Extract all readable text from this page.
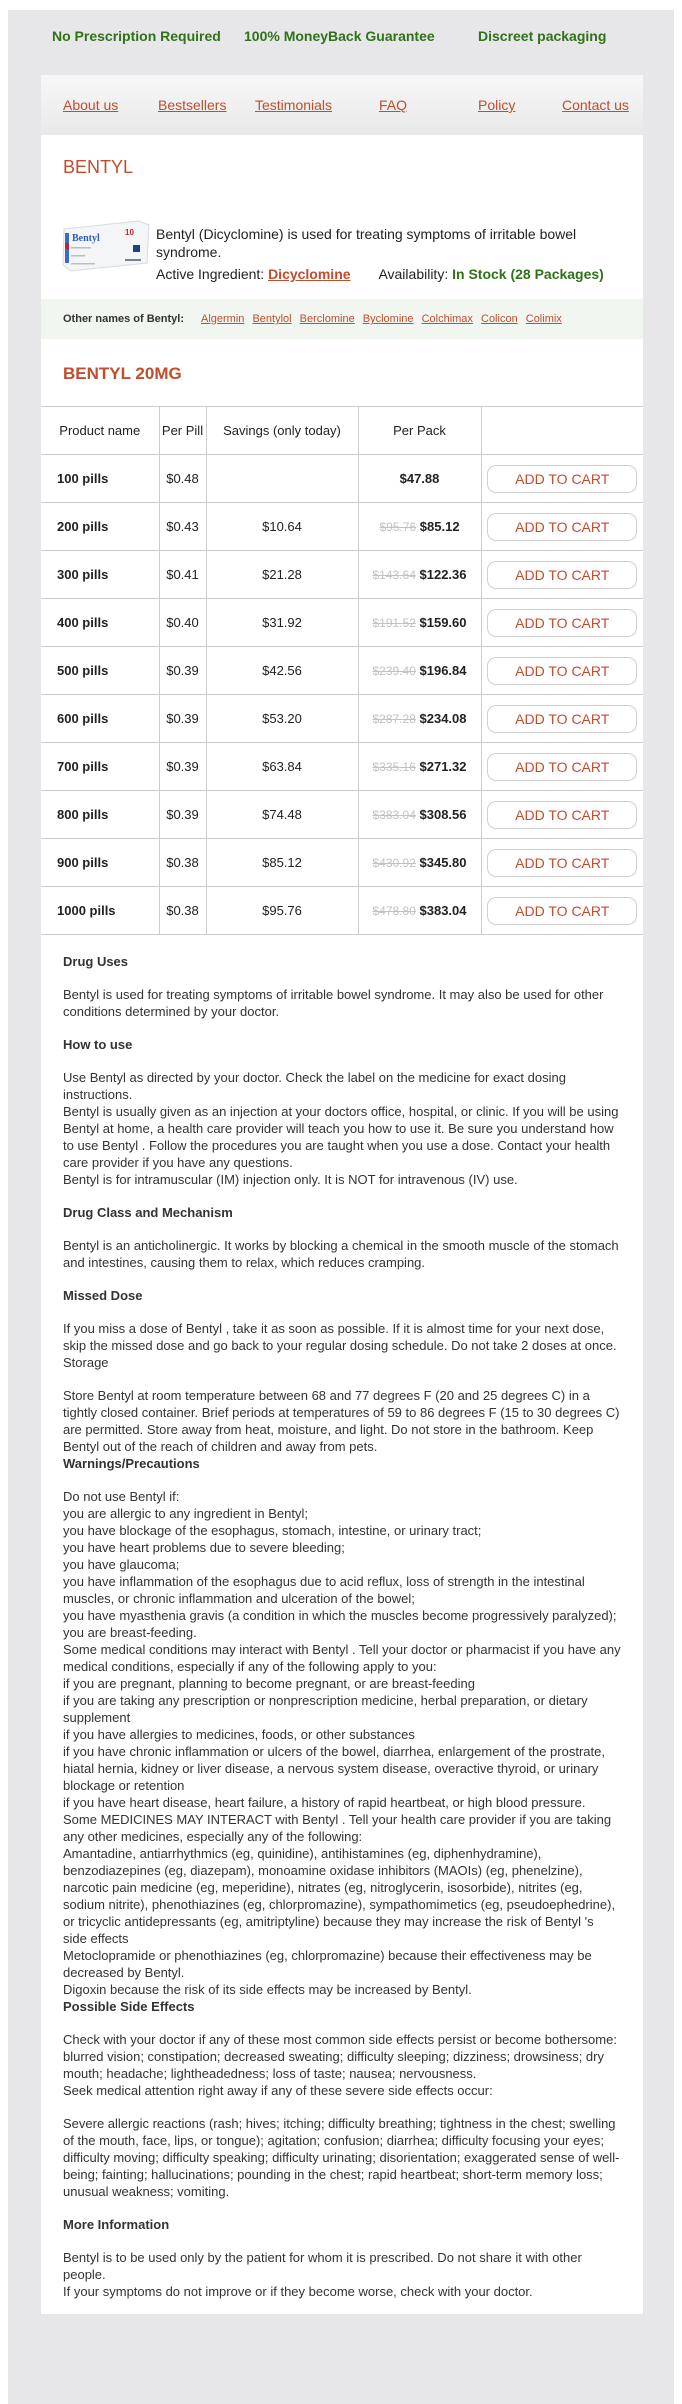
No Prescription Required 100% MoneyBack Guarantee	Discreet packaging
About us	Bestsellers Testimonials	FAQ	Policy	Contact us
BENTYL
Bentyl
10 Bentyl (Dicyclomine) is used for treating symptoms of irritable bowel syndrome.
Active Ingredient: Dicyclomine Availability: In Stock (28 Packages)
Other names of Bentyl: Algermin Bentylol Berclomine Byclomine Colchimax Colicon Colimix
BENTYL 20MG
Product name	Per Pill	Savings (only today)	Per Pack	
100 pills	$0.48		$47.88	ADD TO CART
200 pills	$0.43	$10.64	$95.76 $85.12	ADD TO CART
300 pills	$0.41	$21.28	$143.64 $122.36	ADD TO CART
400 pills	$0.40	$31.92	$191.52 $159.60	ADD TO CART
500 pills	$0.39	$42.56	$239.40 $196.84	ADD TO CART
600 pills	$0.39	$53.20	$287.28 $234.08	ADD TO CART
700 pills	$0.39	$63.84	$335.16 $271.32	ADD TO CART
800 pills	$0.39	$74.48	$383.04 $308.56	ADD TO CART
900 pills	$0.38	$85.12	$430.92 $345.80	ADD TO CART
1000 pills	$0.38	$95.76	$478.80 $383.04	ADD TO CART
Drug Uses

Bentyl is used for treating symptoms of irritable bowel syndrome. It may also be used for other conditions determined by your doctor.

How to use

Use Bentyl as directed by your doctor. Check the label on the medicine for exact dosing instructions.

Bentyl is usually given as an injection at your doctors office, hospital, or clinic. If you will be using Bentyl at home, a health care provider will teach you how to use it. Be sure you understand how to use Bentyl . Follow the procedures you are taught when you use a dose. Contact your health care provider if you have any questions.

Bentyl is for intramuscular (IM) injection only. It is NOT for intravenous (IV) use.

Drug Class and Mechanism

Bentyl is an anticholinergic. It works by blocking a chemical in the smooth muscle of the stomach and intestines, causing them to relax, which reduces cramping.

Missed Dose

If you miss a dose of Bentyl , take it as soon as possible. If it is almost time for your next dose, skip the missed dose and go back to your regular dosing schedule. Do not take 2 doses at once.

Storage

Store Bentyl at room temperature between 68 and 77 degrees F (20 and 25 degrees C) in a tightly closed container. Brief periods at temperatures of 59 to 86 degrees F (15 to 30 degrees C) are permitted. Store away from heat, moisture, and light. Do not store in the bathroom. Keep Bentyl out of the reach of children and away from pets.

Warnings/Precautions

Do not use Bentyl if:

you are allergic to any ingredient in Bentyl;

you have blockage of the esophagus, stomach, intestine, or urinary tract;

you have heart problems due to severe bleeding;

you have glaucoma;

you have inflammation of the esophagus due to acid reflux, loss of strength in the intestinal muscles, or chronic inflammation and ulceration of the bowel;

you have myasthenia gravis (a condition in which the muscles become progressively paralyzed);

you are breast-feeding.

Some medical conditions may interact with Bentyl . Tell your doctor or pharmacist if you have any medical conditions, especially if any of the following apply to you:

if you are pregnant, planning to become pregnant, or are breast-feeding

if you are taking any prescription or nonprescription medicine, herbal preparation, or dietary supplement

if you have allergies to medicines, foods, or other substances

if you have chronic inflammation or ulcers of the bowel, diarrhea, enlargement of the prostrate, hiatal hernia, kidney or liver disease, a nervous system disease, overactive thyroid, or urinary blockage or retention

if you have heart disease, heart failure, a history of rapid heartbeat, or high blood pressure.

Some MEDICINES MAY INTERACT with Bentyl . Tell your health care provider if you are taking any other medicines, especially any of the following:

Amantadine, antiarrhythmics (eg, quinidine), antihistamines (eg, diphenhydramine), benzodiazepines (eg, diazepam), monoamine oxidase inhibitors (MAOIs) (eg, phenelzine), narcotic pain medicine (eg, meperidine), nitrates (eg, nitroglycerin, isosorbide), nitrites (eg, sodium nitrite), phenothiazines (eg, chlorpromazine), sympathomimetics (eg, pseudoephedrine), or tricyclic antidepressants (eg, amitriptyline) because they may increase the risk of Bentyl 's side effects

Metoclopramide or phenothiazines (eg, chlorpromazine) because their effectiveness may be decreased by Bentyl.

Digoxin because the risk of its side effects may be increased by Bentyl.

Possible Side Effects

Check with your doctor if any of these most common side effects persist or become bothersome:

blurred vision; constipation; decreased sweating; difficulty sleeping; dizziness; drowsiness; dry mouth; headache; lightheadedness; loss of taste; nausea; nervousness.

Seek medical attention right away if any of these severe side effects occur:

Severe allergic reactions (rash; hives; itching; difficulty breathing; tightness in the chest; swelling of the mouth, face, lips, or tongue); agitation; confusion; diarrhea; difficulty focusing your eyes; difficulty moving; difficulty speaking; difficulty urinating; disorientation; exaggerated sense of well-being; fainting; hallucinations; pounding in the chest; rapid heartbeat; short-term memory loss; unusual weakness; vomiting.

More Information

Bentyl is to be used only by the patient for whom it is prescribed. Do not share it with other people.

If your symptoms do not improve or if they become worse, check with your doctor.
